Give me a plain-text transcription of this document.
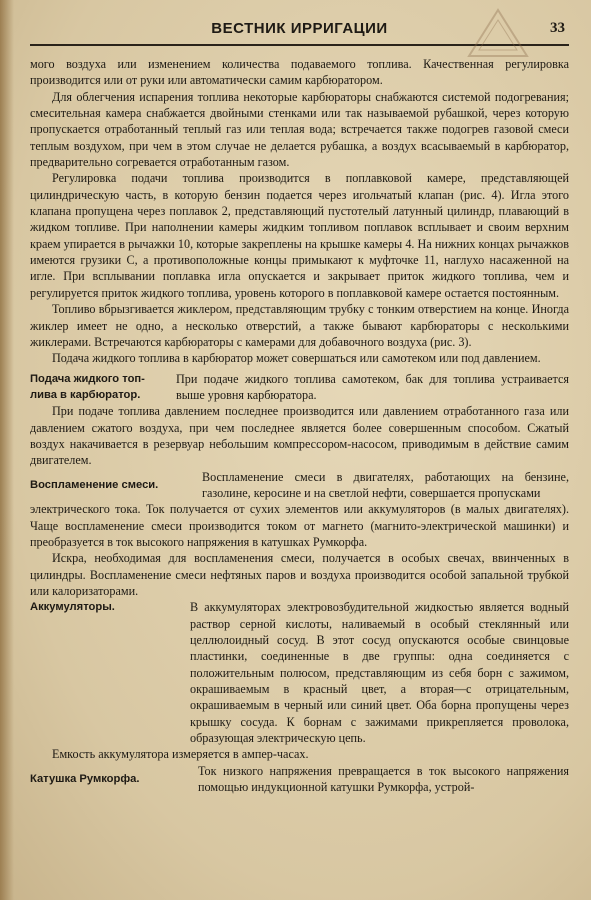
ВЕСТНИК ИРРИГАЦИИ	33

мого воздуха или изменением количества подаваемого топлива. Качественная регулировка производится или от руки или автоматически самим карбюратором.

Для облегчения испарения топлива некоторые карбюраторы снабжаются системой подогревания; смесительная камера снабжается двойными стенками или так называемой рубашкой, через которую пропускается отработанный теплый газ или теплая вода; встречается также подогрев газовой смеси теплым воздухом, при чем в этом случае не делается рубашка, а воздух всасываемый в карбюратор, предварительно согревается отработанным газом.

Регулировка подачи топлива производится в поплавковой камере, представляющей цилиндрическую часть, в которую бензин подается через игольчатый клапан (рис. 4). Игла этого клапана пропущена через поплавок 2, представляющий пустотелый латунный цилиндр, плавающий в жидком топливе. При наполнении камеры жидким топливом поплавок всплывает и своим верхним краем упирается в рычажки 10, которые закреплены на крышке камеры 4. На нижних концах рычажков имеются грузики С, а противоположные концы примыкают к муфточке 11, наглухо насаженной на игле. При всплывании поплавка игла опускается и закрывает приток жидкого топлива, чем и регулируется приток жидкого топлива, уровень которого в поплавковой камере остается постоянным.

Топливо вбрызгивается жиклером, представляющим трубку с тонким отверстием на конце. Иногда жиклер имеет не одно, а несколько отверстий, а также бывают карбюраторы с несколькими жиклерами. Встречаются карбюраторы с камерами для добавочного воздуха (рис. 3).

Подача жидкого топлива в карбюратор может совершаться или самотеком или под давлением.

Подача жидкого топ-
лива в карбюратор.

При подаче жидкого топлива самотеком, бак для топлива устраивается выше уровня карбюратора.

При подаче топлива давлением последнее производится или давлением отработанного газа или давлением сжатого воздуха, при чем последнее является более совершенным способом. Сжатый воздух накачивается в резервуар небольшим компрессором-насосом, приводимым в действие самим двигателем.

Воспламенение смеси.

Воспламенение смеси в двигателях, работающих на бензине, газолине, керосине и на светлой нефти, совершается пропусками

электрического тока. Ток получается от сухих элементов или аккумуляторов (в малых двигателях). Чаще воспламенение смеси производится током от магнето (магнито-электрической машинки) и преобразуется в ток высокого напряжения в катушках Румкорфа.

Искра, необходимая для воспламенения смеси, получается в особых свечах, ввинченных в цилиндры. Воспламенение смеси нефтяных паров и воздуха производится особой запальной трубкой или калоризаторами.

Аккумуляторы.	В аккумуляторах электровозбудительной жидкостью является водный раствор серной кислоты, наливаемый в особый стеклянный или целлюлоидный сосуд. В этот сосуд опускаются особые свинцовые пластинки, соединенные в две группы: одна соединяется с положительным полюсом, представляющим из себя борн с зажимом, окрашиваемым в красный цвет, а вторая—с отрицательным, окрашиваемым в черный или синий цвет. Оба борна пропущены через крышку сосуда. К борнам с зажимами прикрепляется проволока, образующая электрическую цепь.

Емкость аккумулятора измеряется в ампер-часах.

Катушка Румкорфа.

Ток низкого напряжения превращается в ток высокого напряжения помощью индукционной катушки Румкорфа, устрой-
